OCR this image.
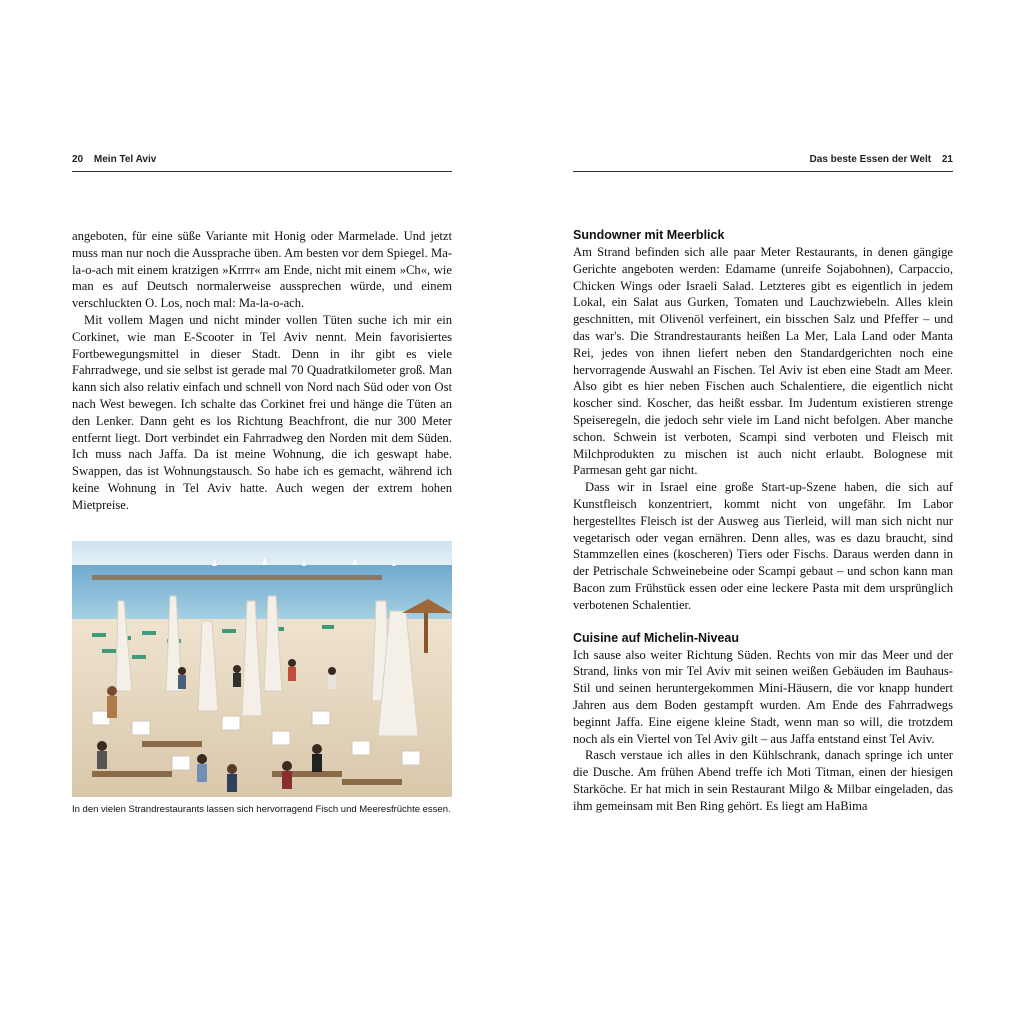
20 Mein Tel Aviv

angeboten, für eine süße Variante mit Honig oder Marmelade. Und jetzt muss man nur noch die Aussprache üben. Am besten vor dem Spiegel. Ma-la-o-ach mit einem kratzigen »Krrrr« am Ende, nicht mit einem »Ch«, wie man es auf Deutsch normalerweise aussprechen würde, und einem verschluckten O. Los, noch mal: Ma-la-o-ach.

Mit vollem Magen und nicht minder vollen Tüten suche ich mir ein Corkinet, wie man E-Scooter in Tel Aviv nennt. Mein favorisiertes Fortbewegungsmittel in dieser Stadt. Denn in ihr gibt es viele Fahrradwege, und sie selbst ist gerade mal 70 Quadratkilometer groß. Man kann sich also relativ einfach und schnell von Nord nach Süd oder von Ost nach West bewegen. Ich schalte das Corkinet frei und hänge die Tüten an den Lenker. Dann geht es los Richtung Beachfront, die nur 300 Meter entfernt liegt. Dort verbindet ein Fahrradweg den Norden mit dem Süden. Ich muss nach Jaffa. Da ist meine Wohnung, die ich geswapt habe. Swappen, das ist Wohnungstausch. So habe ich es gemacht, während ich keine Wohnung in Tel Aviv hatte. Auch wegen der extrem hohen Mietpreise.

In den vielen Strandrestaurants lassen sich hervorragend Fisch und Meeresfrüchte essen.
Das beste Essen der Welt 21
Sundowner mit Meerblick

Am Strand befinden sich alle paar Meter Restaurants, in denen gängige Gerichte angeboten werden: Edamame (unreife Sojabohnen), Carpaccio, Chicken Wings oder Israeli Salad. Letzteres gibt es eigentlich in jedem Lokal, ein Salat aus Gurken, Tomaten und Lauchzwiebeln. Alles klein geschnitten, mit Olivenöl verfeinert, ein bisschen Salz und Pfeffer – und das war's. Die Strandrestaurants heißen La Mer, Lala Land oder Manta Rei, jedes von ihnen liefert neben den Standardgerichten noch eine hervorragende Auswahl an Fischen. Tel Aviv ist eben eine Stadt am Meer. Also gibt es hier neben Fischen auch Schalentiere, die eigentlich nicht koscher sind. Koscher, das heißt essbar. Im Judentum existieren strenge Speiseregeln, die jedoch sehr viele im Land nicht befolgen. Aber manche schon. Schwein ist verboten, Scampi sind verboten und Fleisch mit Milchprodukten zu mischen ist auch nicht erlaubt. Bolognese mit Parmesan geht gar nicht.

Dass wir in Israel eine große Start-up-Szene haben, die sich auf Kunstfleisch konzentriert, kommt nicht von ungefähr. Im Labor hergestelltes Fleisch ist der Ausweg aus Tierleid, will man sich nicht nur vegetarisch oder vegan ernähren. Denn alles, was es dazu braucht, sind Stammzellen eines (koscheren) Tiers oder Fischs. Daraus werden dann in der Petrischale Schweinebeine oder Scampi gebaut – und schon kann man Bacon zum Frühstück essen oder eine leckere Pasta mit dem ursprünglich verbotenen Schalentier.

Cuisine auf Michelin-Niveau

Ich sause also weiter Richtung Süden. Rechts von mir das Meer und der Strand, links von mir Tel Aviv mit seinen weißen Gebäuden im Bauhaus-Stil und seinen heruntergekommen Mini-Häusern, die vor knapp hundert Jahren aus dem Boden gestampft wurden. Am Ende des Fahrradwegs beginnt Jaffa. Eine eigene kleine Stadt, wenn man so will, die trotzdem noch als ein Viertel von Tel Aviv gilt – aus Jaffa entstand einst Tel Aviv.

Rasch verstaue ich alles in den Kühlschrank, danach springe ich unter die Dusche. Am frühen Abend treffe ich Moti Titman, einen der hiesigen Starköche. Er hat mich in sein Restaurant Milgo & Milbar eingeladen, das ihm gemeinsam mit Ben Ring gehört. Es liegt am HaBima
